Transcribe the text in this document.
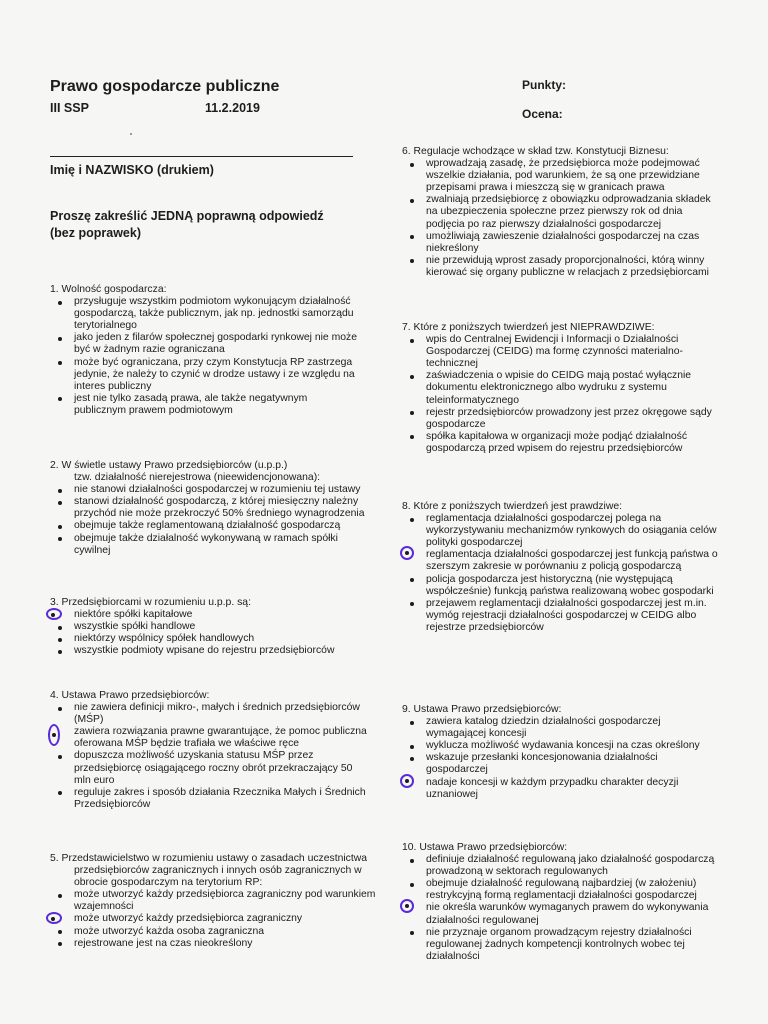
Prawo gospodarcze publiczne
III SSP	11.2.2019
Punkty:
Ocena:
Imię i NAZWISKO (drukiem)
Proszę zakreślić JEDNĄ poprawną odpowiedź
(bez poprawek)
1. Wolność gospodarcza:
przysługuje wszystkim podmiotom wykonującym działalność gospodarczą, także publicznym, jak np. jednostki samorządu terytorialnego
jako jeden z filarów społecznej gospodarki rynkowej nie może być w żadnym razie ograniczana
może być ograniczana, przy czym Konstytucja RP zastrzega jedynie, że należy to czynić w drodze ustawy i ze względu na interes publiczny
jest nie tylko zasadą prawa, ale także negatywnym publicznym prawem podmiotowym
2. W świetle ustawy Prawo przedsiębiorców (u.p.p.)
tzw. działalność nierejestrowa (nieewidencjonowana):
nie stanowi działalności gospodarczej w rozumieniu tej ustawy
stanowi działalność gospodarczą, z której miesięczny należny przychód nie może przekroczyć 50% średniego wynagrodzenia
obejmuje także reglamentowaną działalność gospodarczą
obejmuje także działalność wykonywaną w ramach spółki cywilnej
3. Przedsiębiorcami w rozumieniu u.p.p. są:
niektóre spółki kapitałowe
wszystkie spółki handlowe
niektórzy wspólnicy spółek handlowych
wszystkie podmioty wpisane do rejestru przedsiębiorców
4. Ustawa Prawo przedsiębiorców:
nie zawiera definicji mikro-, małych i średnich przedsiębiorców (MŚP)
zawiera rozwiązania prawne gwarantujące, że pomoc publiczna oferowana MŚP będzie trafiała we właściwe ręce
dopuszcza możliwość uzyskania statusu MŚP przez przedsiębiorcę osiągającego roczny obrót przekraczający 50 mln euro
reguluje zakres i sposób działania Rzecznika Małych i Średnich Przedsiębiorców
5. Przedstawicielstwo w rozumieniu ustawy o zasadach uczestnictwa
przedsiębiorców zagranicznych i innych osób zagranicznych w obrocie gospodarczym na terytorium RP:
może utworzyć każdy przedsiębiorca zagraniczny pod warunkiem wzajemności
może utworzyć każdy przedsiębiorca zagraniczny
może utworzyć każda osoba zagraniczna
rejestrowane jest na czas nieokreślony
6. Regulacje wchodzące w skład tzw. Konstytucji Biznesu:
wprowadzają zasadę, że przedsiębiorca może podejmować wszelkie działania, pod warunkiem, że są one przewidziane przepisami prawa i mieszczą się w granicach prawa
zwalniają przedsiębiorcę z obowiązku odprowadzania składek na ubezpieczenia społeczne przez pierwszy rok od dnia podjęcia po raz pierwszy działalności gospodarczej
umożliwiają zawieszenie działalności gospodarczej na czas niekreślony
nie przewidują wprost zasady proporcjonalności, którą winny kierować się organy publiczne w relacjach z przedsiębiorcami
7. Które z poniższych twierdzeń jest NIEPRAWDZIWE:
wpis do Centralnej Ewidencji i Informacji o Działalności Gospodarczej (CEIDG) ma formę czynności materialno-technicznej
zaświadczenia o wpisie do CEIDG mają postać wyłącznie dokumentu elektronicznego albo wydruku z systemu teleinformatycznego
rejestr przedsiębiorców prowadzony jest przez okręgowe sądy gospodarcze
spółka kapitałowa w organizacji może podjąć działalność gospodarczą przed wpisem do rejestru przedsiębiorców
8. Które z poniższych twierdzeń jest prawdziwe:
reglamentacja działalności gospodarczej polega na wykorzystywaniu mechanizmów rynkowych do osiągania celów polityki gospodarczej
reglamentacja działalności gospodarczej jest funkcją państwa o szerszym zakresie w porównaniu z policją gospodarczą
policja gospodarcza jest historyczną (nie występującą współcześnie) funkcją państwa realizowaną wobec gospodarki
przejawem reglamentacji działalności gospodarczej jest m.in. wymóg rejestracji działalności gospodarczej w CEIDG albo rejestrze przedsiębiorców
9. Ustawa Prawo przedsiębiorców:
zawiera katalog dziedzin działalności gospodarczej wymagającej koncesji
wyklucza możliwość wydawania koncesji na czas określony
wskazuje przesłanki koncesjonowania działalności gospodarczej
nadaje koncesji w każdym przypadku charakter decyzji uznaniowej
10. Ustawa Prawo przedsiębiorców:
definiuje działalność regulowaną jako działalność gospodarczą prowadzoną w sektorach regulowanych
obejmuje działalność regulowaną najbardziej (w założeniu) restrykcyjną formą reglamentacji działalności gospodarczej
nie określa warunków wymaganych prawem do wykonywania działalności regulowanej
nie przyznaje organom prowadzącym rejestry działalności regulowanej żadnych kompetencji kontrolnych wobec tej działalności
